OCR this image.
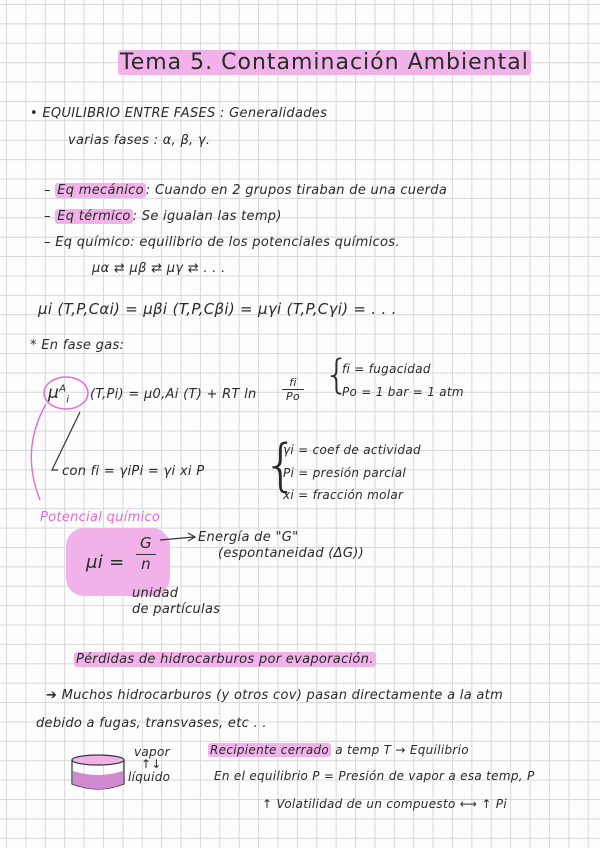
Tema 5. Contaminación Ambiental
• EQUILIBRIO ENTRE FASES : Generalidades
varias fases : α, β, γ.
– Eq mecánico : Cuando en 2 grupos tiraban de una cuerda
– Eq térmico : Se igualan las temp)
– Eq químico: equilibrio de los potenciales químicos.
μα ⇄ μβ ⇄ μγ ⇄ . . .
μi (T,P,Cαi) = μβi (T,P,Cβi) = μγi (T,P,Cγi) = . . .
* En fase gas:
$\mu^A_i$ (T,Pi) = μ0,Ai (T) + RT $\ln \frac{fi}{Po}$ {
fi = fugacidad
Po = 1 bar = 1 atm
con fi = γiPi = γi xi P {
γi = coef de actividad
Pi = presión parcial
xi = fracción molar
Potencial químico
$\mu i = \frac{G}{n}$	Energía de "G"
(espontaneidad (ΔG))
unidad
de partículas
Pérdidas de hidrocarburos por evaporación.
➔ Muchos hidrocarburos (y otros cov) pasan directamente a la atm
debido a fugas, transvases, etc . .
vapor
↑↓
líquido
Recipiente cerrado a temp T → Equilibrio
En el equilibrio P = Presión de vapor a esa temp, P
↑ Volatilidad de un compuesto ⟷ ↑ Pi
